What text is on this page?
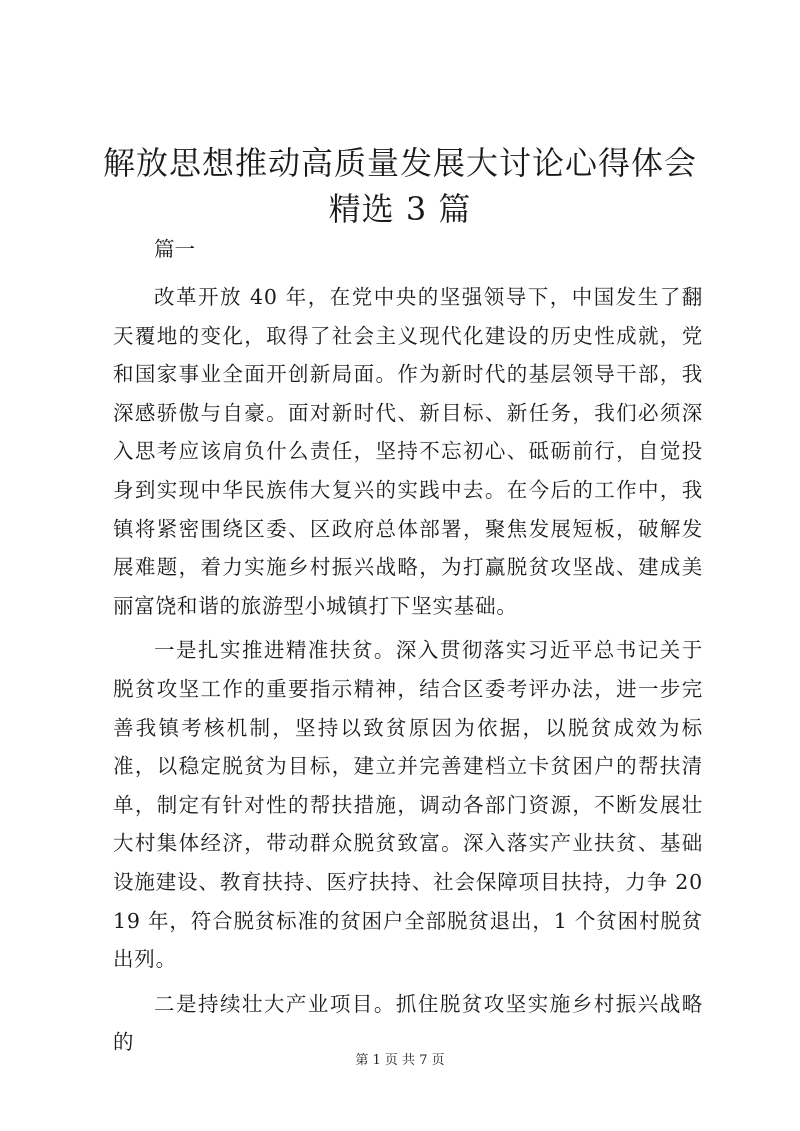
解放思想推动高质量发展大讨论心得体会精选 3 篇

篇一

改革开放 40 年，在党中央的坚强领导下，中国发生了翻天覆地的变化，取得了社会主义现代化建设的历史性成就，党和国家事业全面开创新局面。作为新时代的基层领导干部，我深感骄傲与自豪。面对新时代、新目标、新任务，我们必须深入思考应该肩负什么责任，坚持不忘初心、砥砺前行，自觉投身到实现中华民族伟大复兴的实践中去。在今后的工作中，我镇将紧密围绕区委、区政府总体部署，聚焦发展短板，破解发展难题，着力实施乡村振兴战略，为打赢脱贫攻坚战、建成美丽富饶和谐的旅游型小城镇打下坚实基础。

一是扎实推进精准扶贫。深入贯彻落实习近平总书记关于脱贫攻坚工作的重要指示精神，结合区委考评办法，进一步完善我镇考核机制，坚持以致贫原因为依据，以脱贫成效为标准，以稳定脱贫为目标，建立并完善建档立卡贫困户的帮扶清单，制定有针对性的帮扶措施，调动各部门资源，不断发展壮大村集体经济，带动群众脱贫致富。深入落实产业扶贫、基础设施建设、教育扶持、医疗扶持、社会保障项目扶持，力争 2019 年，符合脱贫标准的贫困户全部脱贫退出，1 个贫困村脱贫出列。

二是持续壮大产业项目。抓住脱贫攻坚实施乡村振兴战略的

第 1 页 共 7 页
